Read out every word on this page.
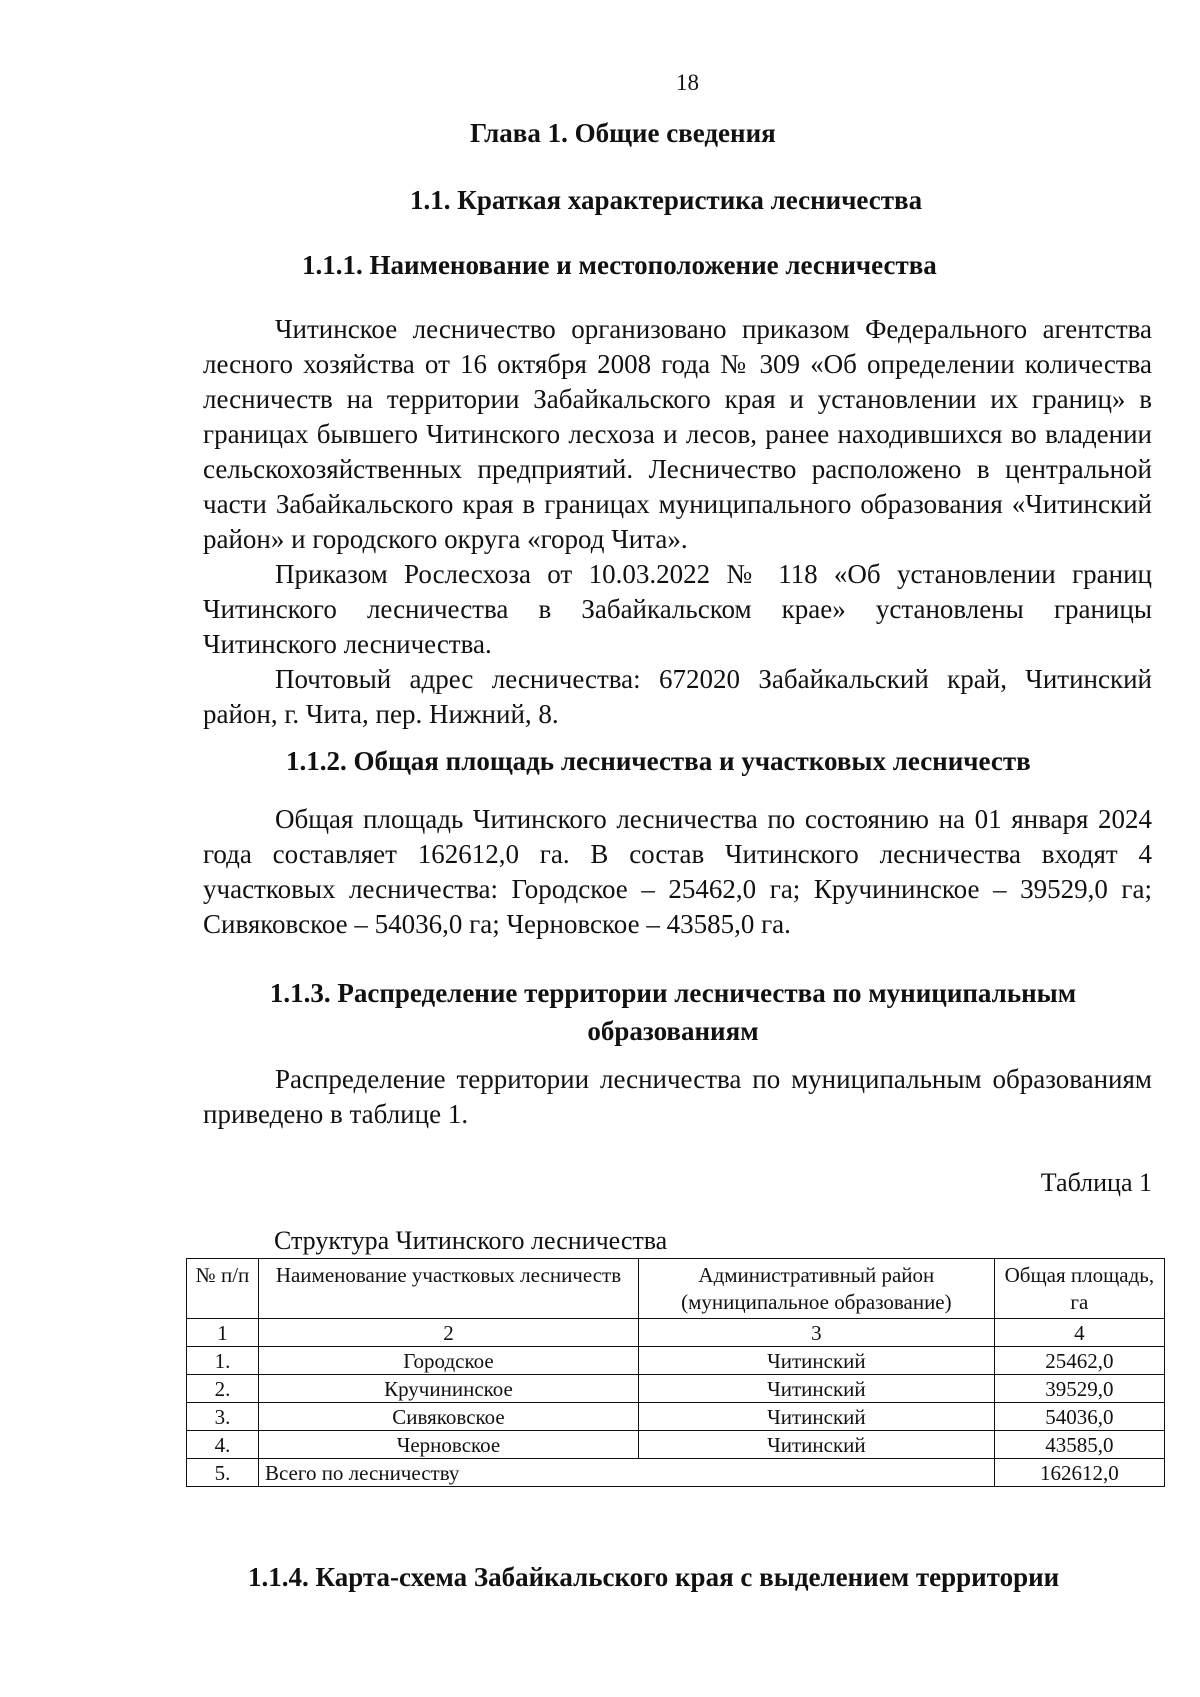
18
Глава 1. Общие сведения
1.1. Краткая характеристика лесничества
1.1.1. Наименование и местоположение лесничества

Читинское лесничество организовано приказом Федерального агентства лесного хозяйства от 16 октября 2008 года № 309 «Об определении количества лесничеств на территории Забайкальского края и установлении их границ» в границах бывшего Читинского лесхоза и лесов, ранее находившихся во владении сельскохозяйственных предприятий. Лесничество расположено в центральной части Забайкальского края в границах муниципального образования «Читинский район» и городского округа «город Чита».

Приказом Рослесхоза от 10.03.2022 № 118 «Об установлении границ Читинского лесничества в Забайкальском крае» установлены границы Читинского лесничества.

Почтовый адрес лесничества: 672020 Забайкальский край, Читинский район, г. Чита, пер. Нижний, 8.

1.1.2. Общая площадь лесничества и участковых лесничеств

Общая площадь Читинского лесничества по состоянию на 01 января 2024 года составляет 162612,0 га. В состав Читинского лесничества входят 4 участковых лесничества: Городское – 25462,0 га; Кручининское – 39529,0 га; Сивяковское – 54036,0 га; Черновское – 43585,0 га.

1.1.3. Распределение территории лесничества по муниципальным
образованиям

Распределение территории лесничества по муниципальным образованиям приведено в таблице 1.

Таблица 1
Структура Читинского лесничества
№ п/п	Наименование участковых лесничеств	Административный район (муниципальное образование)	Общая площадь, га
1	2	3	4
1.	Городское	Читинский	25462,0
2.	Кручининское	Читинский	39529,0
3.	Сивяковское	Читинский	54036,0
4.	Черновское	Читинский	43585,0
5.	Всего по лесничеству		162612,0
1.1.4. Карта-схема Забайкальского края с выделением территории
